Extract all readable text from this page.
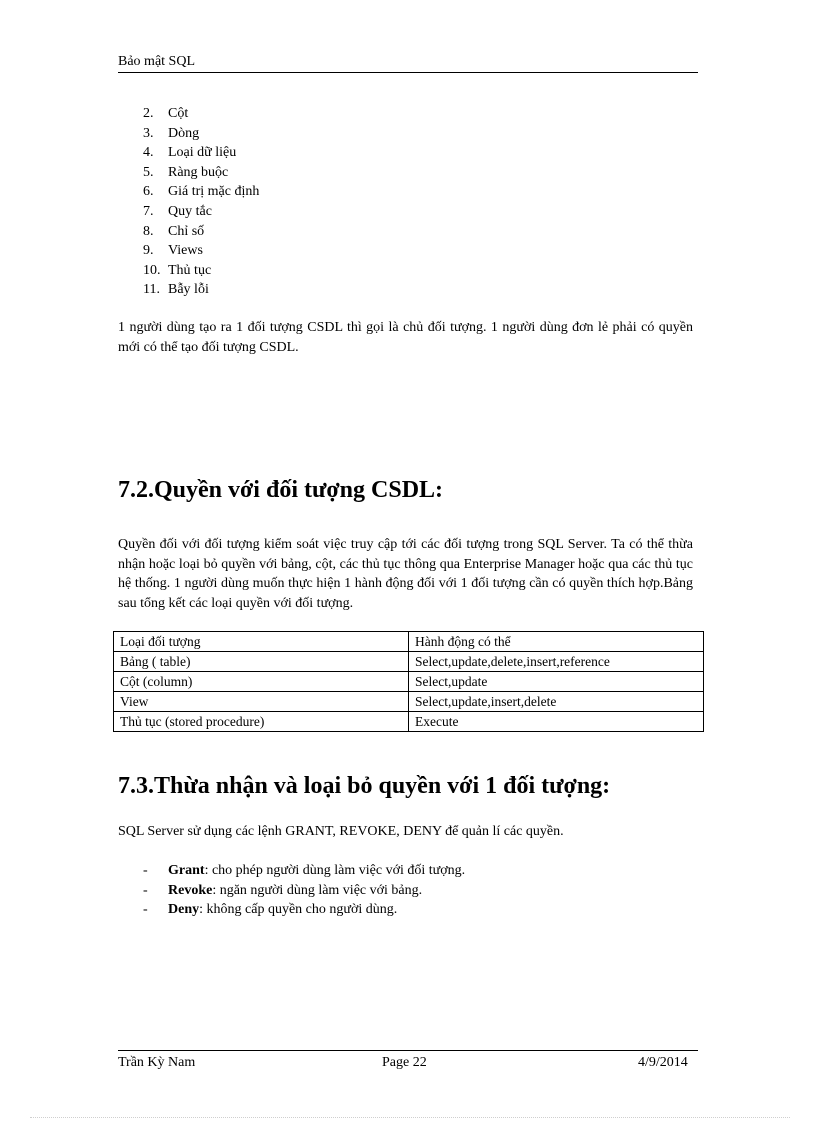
Bảo mật SQL
2. Cột
3. Dòng
4. Loại dữ liệu
5. Ràng buộc
6. Giá trị mặc định
7. Quy tắc
8. Chỉ số
9. Views
10. Thủ tục
11. Bẫy lỗi

1 người dùng tạo ra 1 đối tượng CSDL thì gọi là chủ đối tượng. 1 người dùng đơn lẻ phải có quyền mới có thể tạo đối tượng CSDL.

7.2.Quyền với đối tượng CSDL:

Quyền đối với đối tượng kiểm soát việc truy cập tới các đối tượng trong SQL Server. Ta có thể thừa nhận hoặc loại bỏ quyền với bảng, cột, các thủ tục thông qua Enterprise Manager hoặc qua các thủ tục hệ thống. 1 người dùng muốn thực hiện 1 hành động đối với 1 đối tượng cần có quyền thích hợp.Bảng sau tổng kết các loại quyền với đối tượng.

Loại đối tượng	Hành động có thể
Bảng ( table)	Select,update,delete,insert,reference
Cột (column)	Select,update
View	Select,update,insert,delete
Thủ tục (stored procedure)	Execute
7.3.Thừa nhận và loại bỏ quyền với 1 đối tượng:

SQL Server sử dụng các lệnh GRANT, REVOKE, DENY để quản lí các quyền.

- Grant: cho phép người dùng làm việc với đối tượng.
- Revoke: ngăn người dùng làm việc với bảng.
- Deny: không cấp quyền cho người dùng.
Trần Kỳ Nam	Page 22	4/9/2014
